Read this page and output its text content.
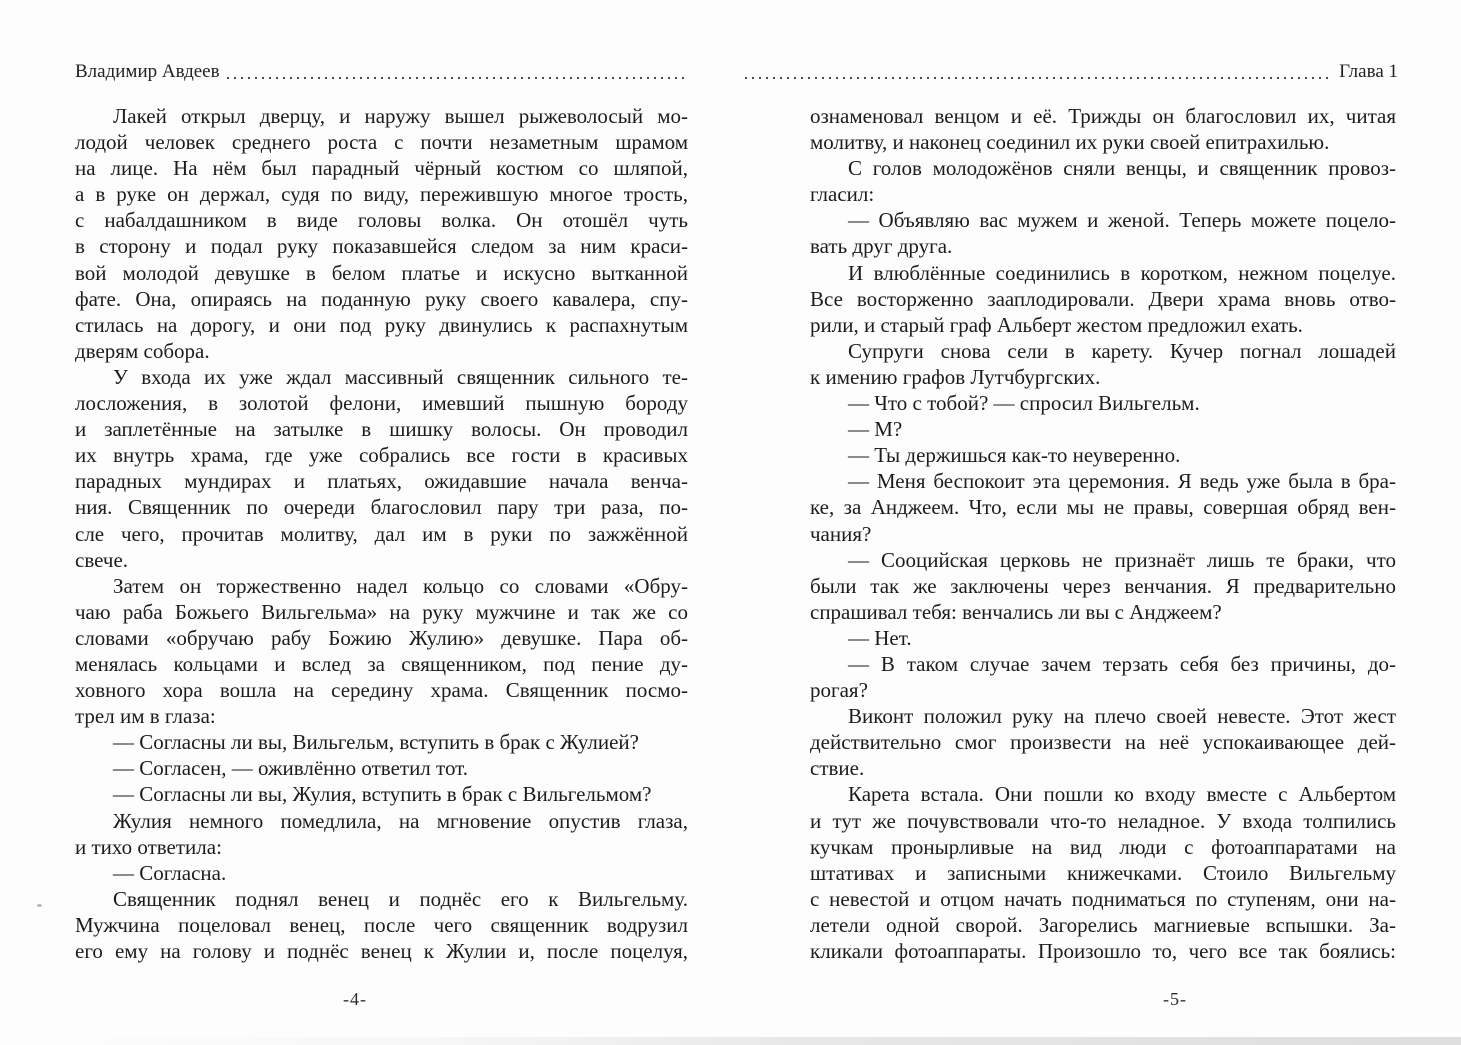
Владимир Авдеев	Глава 1
Лакей открыл дверцу, и наружу вышел рыжеволосый мо-
лодой человек среднего роста с почти незаметным шрамом
на лице. На нём был парадный чёрный костюм со шляпой,
а в руке он держал, судя по виду, пережившую многое трость,
с набалдашником в виде головы волка. Он отошёл чуть
в сторону и подал руку показавшейся следом за ним краси-
вой молодой девушке в белом платье и искусно вытканной
фате. Она, опираясь на поданную руку своего кавалера, спу-
стилась на дорогу, и они под руку двинулись к распахнутым
дверям собора.
У входа их уже ждал массивный священник сильного те-
лосложения, в золотой фелони, имевший пышную бороду
и заплетённые на затылке в шишку волосы. Он проводил
их внутрь храма, где уже собрались все гости в красивых
парадных мундирах и платьях, ожидавшие начала венча-
ния. Священник по очереди благословил пару три раза, по-
сле чего, прочитав молитву, дал им в руки по зажжённой
свече.
Затем он торжественно надел кольцо со словами «Обру-
чаю раба Божьего Вильгельма» на руку мужчине и так же со
словами «обручаю рабу Божию Жулию» девушке. Пара об-
менялась кольцами и вслед за священником, под пение ду-
ховного хора вошла на середину храма. Священник посмо-
трел им в глаза:
— Согласны ли вы, Вильгельм, вступить в брак с Жулией?
— Согласен, — оживлённо ответил тот.
— Согласны ли вы, Жулия, вступить в брак с Вильгельмом?
Жулия немного помедлила, на мгновение опустив глаза,
и тихо ответила:
— Согласна.
Священник поднял венец и поднёс его к Вильгельму.
Мужчина поцеловал венец, после чего священник водрузил
его ему на голову и поднёс венец к Жулии и, после поцелуя,
ознаменовал венцом и её. Трижды он благословил их, читая
молитву, и наконец соединил их руки своей епитрахилью.
С голов молодожёнов сняли венцы, и священник провоз-
гласил:
— Объявляю вас мужем и женой. Теперь можете поцело-
вать друг друга.
И влюблённые соединились в коротком, нежном поцелуе.
Все восторженно зааплодировали. Двери храма вновь отво-
рили, и старый граф Альберт жестом предложил ехать.
Супруги снова сели в карету. Кучер погнал лошадей
к имению графов Лутчбургских.
— Что с тобой? — спросил Вильгельм.
— М?
— Ты держишься как-то неуверенно.
— Меня беспокоит эта церемония. Я ведь уже была в бра-
ке, за Анджеем. Что, если мы не правы, совершая обряд вен-
чания?
— Сооцийская церковь не признаёт лишь те браки, что
были так же заключены через венчания. Я предварительно
спрашивал тебя: венчались ли вы с Анджеем?
— Нет.
— В таком случае зачем терзать себя без причины, до-
рогая?
Виконт положил руку на плечо своей невесте. Этот жест
действительно смог произвести на неё успокаивающее дей-
ствие.
Карета встала. Они пошли ко входу вместе с Альбертом
и тут же почувствовали что-то неладное. У входа толпились
кучкам пронырливые на вид люди с фотоаппаратами на
штативах и записными книжечками. Стоило Вильгельму
с невестой и отцом начать подниматься по ступеням, они на-
летели одной сворой. Загорелись магниевые вспышки. За-
кликали фотоаппараты. Произошло то, чего все так боялись:
-4-	-5-
